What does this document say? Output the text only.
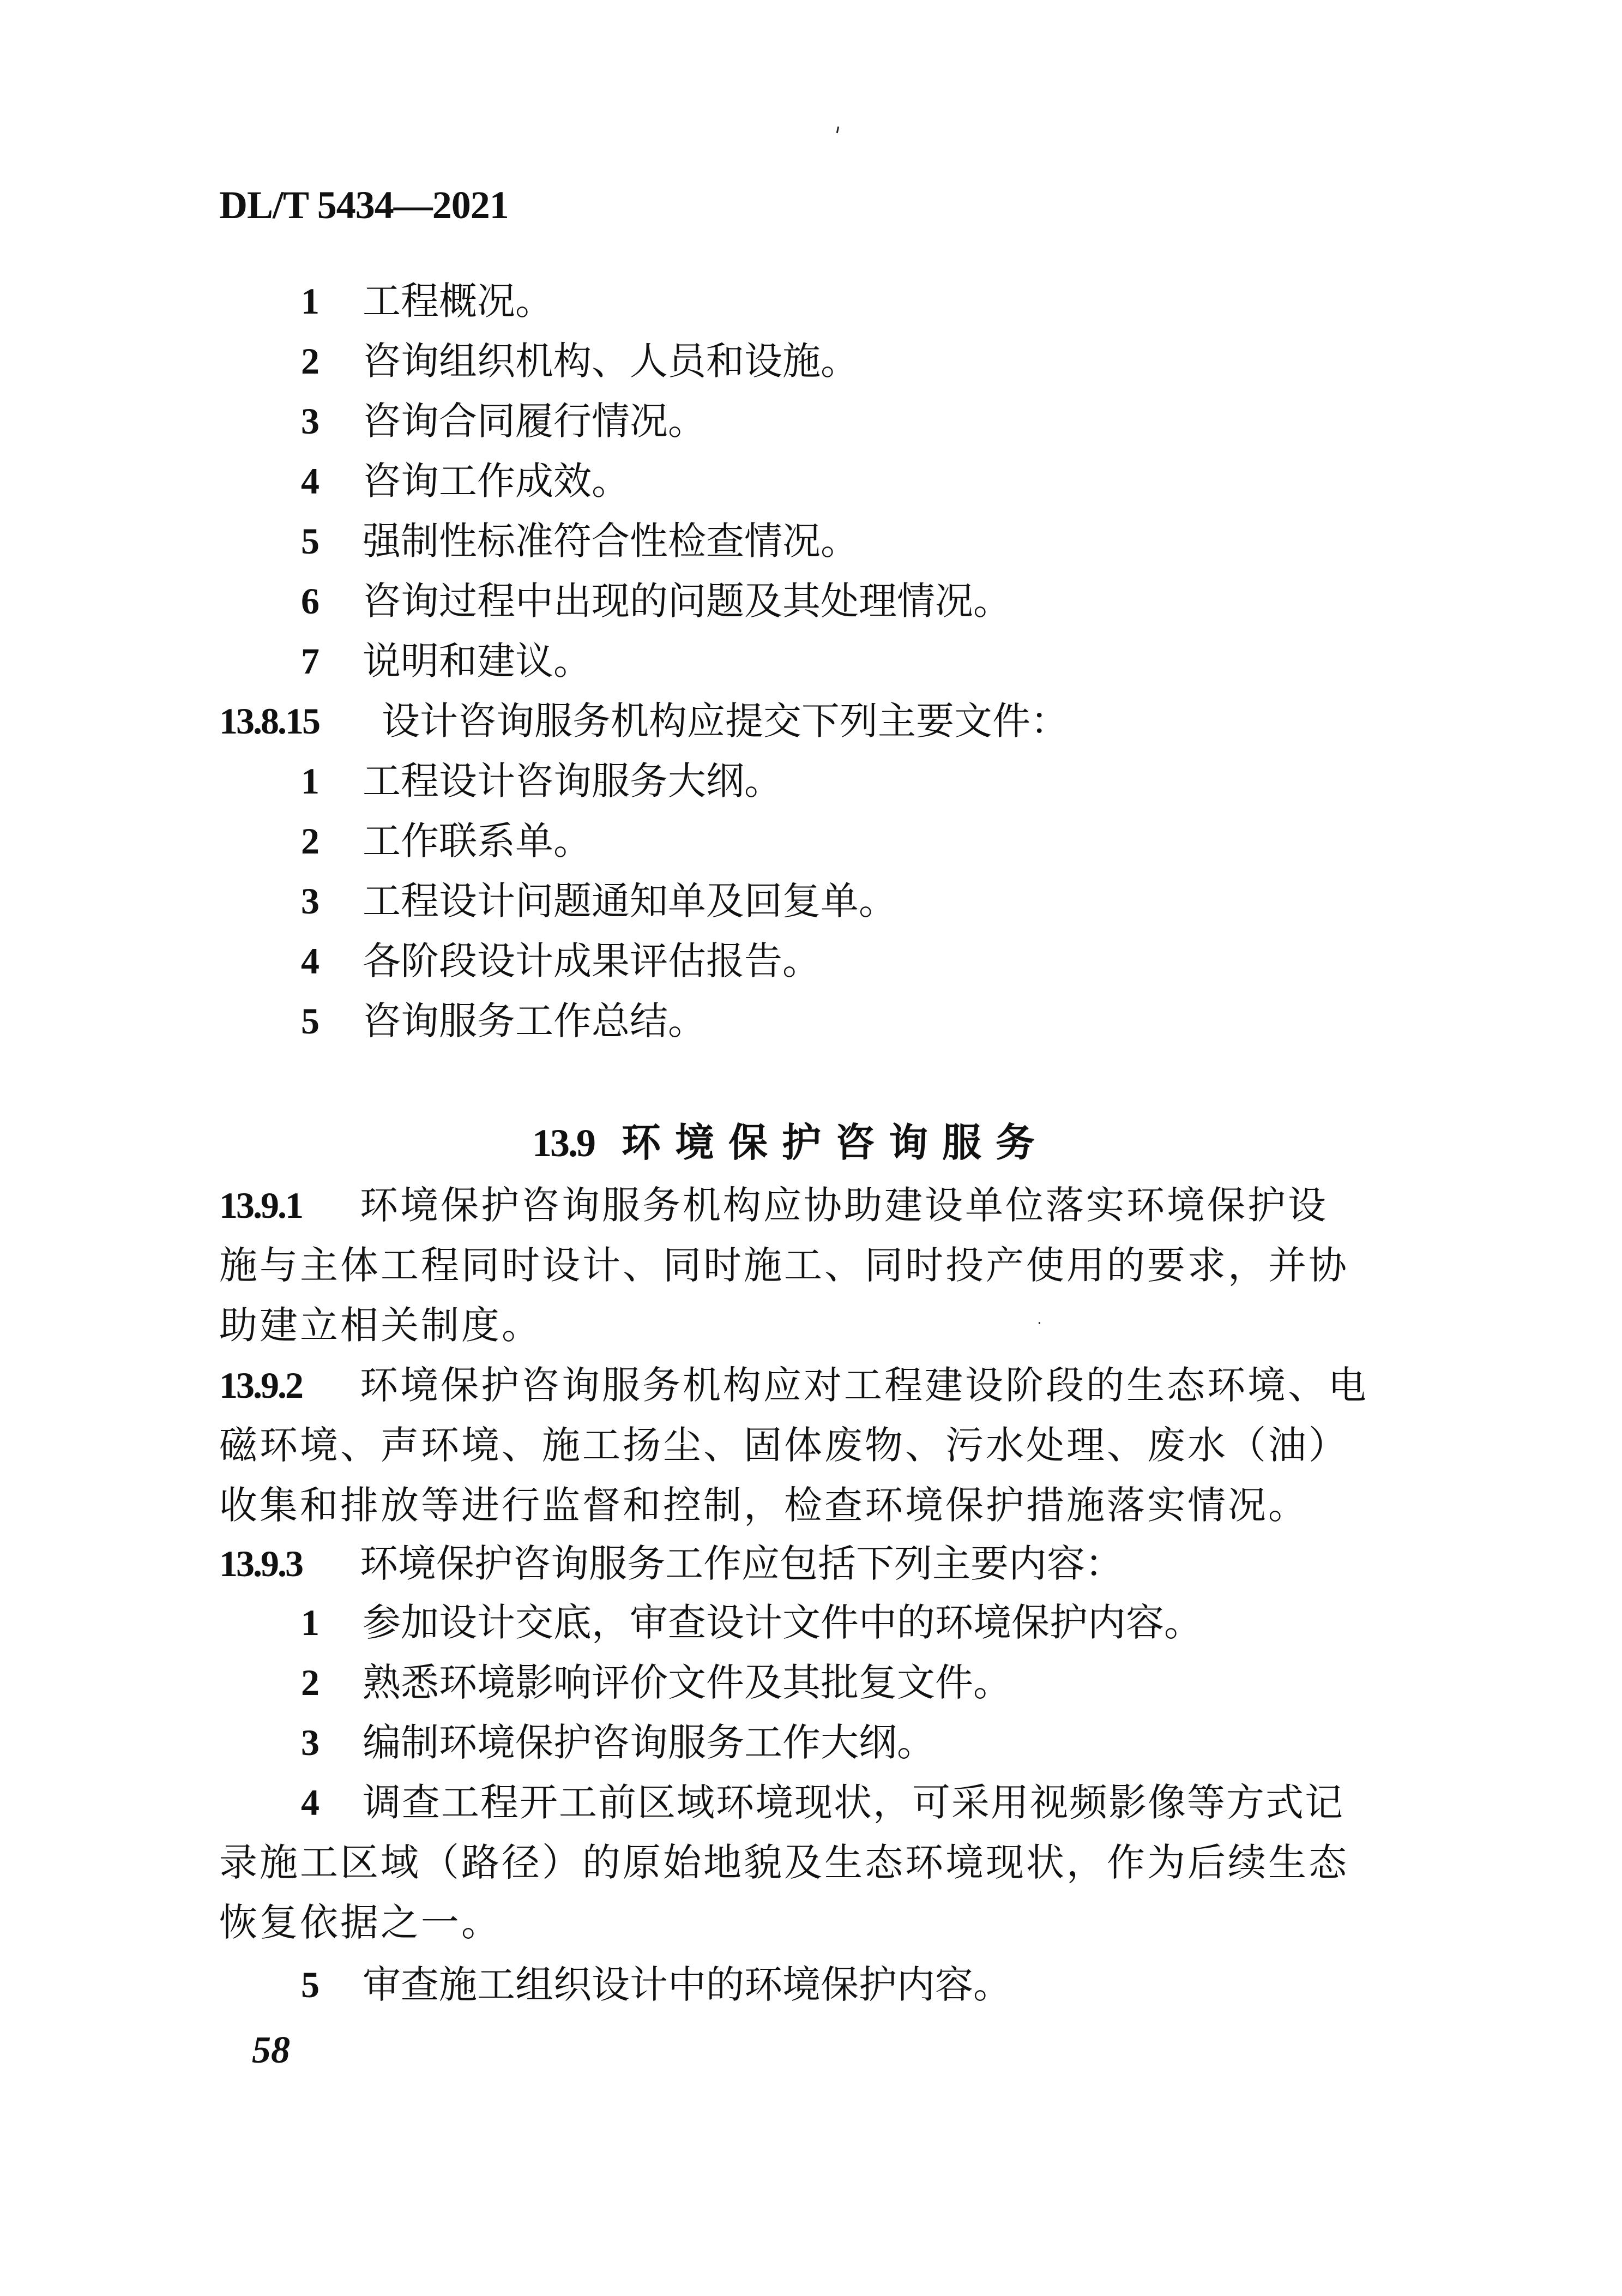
DL/T 5434—2021
1 工程概况。
2 咨询组织机构、人员和设施。
3 咨询合同履行情况。
4 咨询工作成效。
5 强制性标准符合性检查情况。
6 咨询过程中出现的问题及其处理情况。
7 说明和建议。
13.8.15 设计咨询服务机构应提交下列主要文件：
1 工程设计咨询服务大纲。
2 工作联系单。
3 工程设计问题通知单及回复单。
4 各阶段设计成果评估报告。
5 咨询服务工作总结。
13.9 环境保护咨询服务
13.9.1 环境保护咨询服务机构应协助建设单位落实环境保护设
施与主体工程同时设计、同时施工、同时投产使用的要求，并协
助建立相关制度。
13.9.2 环境保护咨询服务机构应对工程建设阶段的生态环境、电
磁环境、声环境、施工扬尘、固体废物、污水处理、废水（油）
收集和排放等进行监督和控制，检查环境保护措施落实情况。
13.9.3 环境保护咨询服务工作应包括下列主要内容：
1 参加设计交底，审查设计文件中的环境保护内容。
2 熟悉环境影响评价文件及其批复文件。
3 编制环境保护咨询服务工作大纲。
4 调查工程开工前区域环境现状，可采用视频影像等方式记
录施工区域（路径）的原始地貌及生态环境现状，作为后续生态
恢复依据之一。
5 审查施工组织设计中的环境保护内容。
58
